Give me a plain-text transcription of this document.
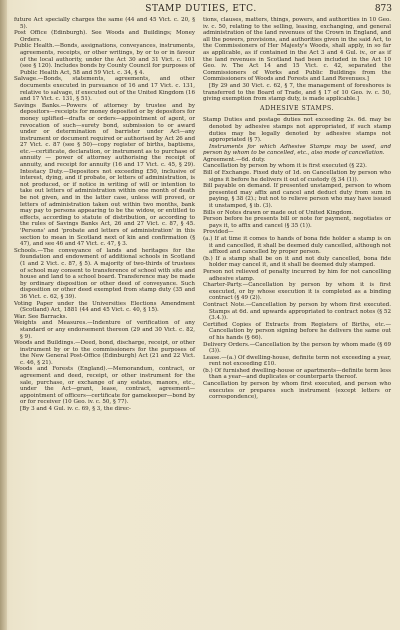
STAMP DUTIES, ETC.	873

future Act specially charges the same (44 and 45 Vict. c. 20, § 5).

Post Office (Edinburgh). See Woods and Buildings; Money Orders.

Public Health.—Bonds, assignations, conveyances, instruments, agreements, receipts, or other writings, by or to or in favour of the local authority, under the Act 30 and 31 Vict. c. 101 (see § 120). Includes bonds by County Council for purposes of Public Health Act, 58 and 59 Vict. c. 34, § 4.

Salvage.—Bonds, statements, agreements, and other documents executed in pursuance of 16 and 17 Vict. c. 131, relative to salvage, if executed out of the United Kingdom (16 and 17 Vict. c. 131, § 51).

Savings Banks.—Powers of attorney by trustee and by depositors—receipts for money deposited or by depositors for money uplifted—drafts or orders—appointment of agent, or revocation of such—surety bond, submission to or award under or determination of barrister under Act—any instrument or document required or authorised by Act 26 and 27 Vict. c. 87 (see § 50)—copy register of births, baptisms, etc.—certificate, declaration, or instrument as to purchase of annuity — power of attorney authorising the receipt of annuity, and receipt for annuity (16 and 17 Vict. c. 45, § 29). Intestacy Duty.—Depositors not exceeding £50, inclusive of interest, dying, and if probate, or letters of administration, is not produced, or if notice in writing of will or intention to take out letters of administration within one month of death be not given, and in the latter case, unless will proved, or letters of administration taken out within two months, bank may pay to persons appearing to be the widow, or entitled to effects, according to statute of distribution, or according to the rules of Savings Banks Act, 26 and 27 Vict. c. 87, § 45. 'Persons' and 'probate and letters of administration' in this section to mean in Scotland next of kin and confirmation (§ 47), and see 46 and 47 Vict. c. 47, § 3.

Schools.—The conveyance of lands and heritages for the foundation and endowment of additional schools in Scotland (1 and 2 Vict. c. 87, § 5). A majority of two-thirds of trustees of school may consent to transference of school with site and house and land to a school board. Transference may be made by ordinary disposition or other deed of conveyance. Such disposition or other deed exempted from stamp duty (35 and 36 Vict. c. 62, § 39).

Voting Paper under the Universities Elections Amendment (Scotland) Act, 1881 (44 and 45 Vict. c. 40, § 15).

War. See Barracks.

Weights and Measures.—Indenture of verification of any standard or any endorsement thereon (29 and 30 Vict. c. 82, § 9).

Woods and Buildings.—Deed, bond, discharge, receipt, or other instrument by or to the commissioners for the purposes of the New General Post-Office (Edinburgh) Act (21 and 22 Vict. c. 46, § 21).

Woods and Forests (England).—Memorandum, contract, or agreement and deed, receipt, or other instrument for the sale, purchase, or exchange of any estates, manors, etc., under the Act—grant, lease, contract, agreement—appointment of officers—certificate for gamekeeper—bond by or for receiver (10 Geo. iv. c. 50, § 77).

[By 3 and 4 Gul. iv. c. 69, § 3, the direc-

tions, clauses, matters, things, powers, and authorities in 10 Geo. iv. c. 50, relating to the selling, leasing, exchanging, and general administration of the land revenues of the Crown in England, and all the powers, provisions, and authorities given in the said Act, to the Commissioners of Her Majesty's Woods, shall apply, in so far as applicable, as if contained in the Act 3 and 4 Gul. iv., or as if the land revenues in Scotland had been included in the Act 10 Geo. iv. The Act 14 and 15 Vict. c. 42, separated the Commissioners of Works and Public Buildings from the Commissioners of Woods and Forests and Land Revenues.]

[By 29 and 30 Vict. c. 62, § 7, the management of foreshores is transferred to the Board of Trade, and § 17 of 10 Geo. iv. c. 50, giving exemption from stamp duty, is made applicable.]

ADHESIVE STAMPS.

Stamp Duties and postage duties not exceeding 2s. 6d. may be denoted by adhesive stamps not appropriated, if such stamp duties may be legally denoted by adhesive stamps not appropriated (§ 7).

Instruments for which Adhesive Stamps may be used, and person by whom to be cancelled, etc., also mode of cancellation.

Agreement.—6d. duty.

Cancellation by person by whom it is first executed (§ 22).

Bill of Exchange. Fixed duty of 1d. on Cancellation by person who signs it before he delivers it out of custody (§ 34 (1)).

Bill payable on demand. If presented unstamped, person to whom presented may affix and cancel and deduct duty from sum in paying, § 38 (2).; but not to relieve person who may have issued it unstamped, § ib. (3).

Bills or Notes drawn or made out of United Kingdom.

Person before he presents bill or note for payment, negotiates or pays it, to affix and cancel (§ 35 (1)).

Provided—

(a.) If at time it comes to hands of bona fide holder a stamp is on it and cancelled, it shall be deemed duly cancelled, although not affixed and cancelled by proper person.

(b.) If a stamp shall be on it and not duly cancelled, bona fide holder may cancel it, and it shall be deemed duly stamped.

Person not relieved of penalty incurred by him for not cancelling adhesive stamp.

Charter-Party.—Cancellation by person by whom it is first executed, or by whose execution it is completed as a binding contract (§ 49 (2)).

Contract Note.—Cancellation by person by whom first executed. Stamps at 6d. and upwards appropriated to contract notes (§ 52 (3.4.)).

Certified Copies of Extracts from Registers of Births, etc.—Cancellation by person signing before he delivers the same out of his hands (§ 66).

Delivery Orders.—Cancellation by the person by whom made (§ 69 (3)).

Lease.—(a.) Of dwelling-house, definite term not exceeding a year, rent not exceeding £10.

(b.) Of furnished dwelling-house or apartments—definite term less than a year—and duplicates or counterparts thereof.

Cancellation by person by whom first executed, and person who executes or prepares such instrument (except letters or correspondence),
